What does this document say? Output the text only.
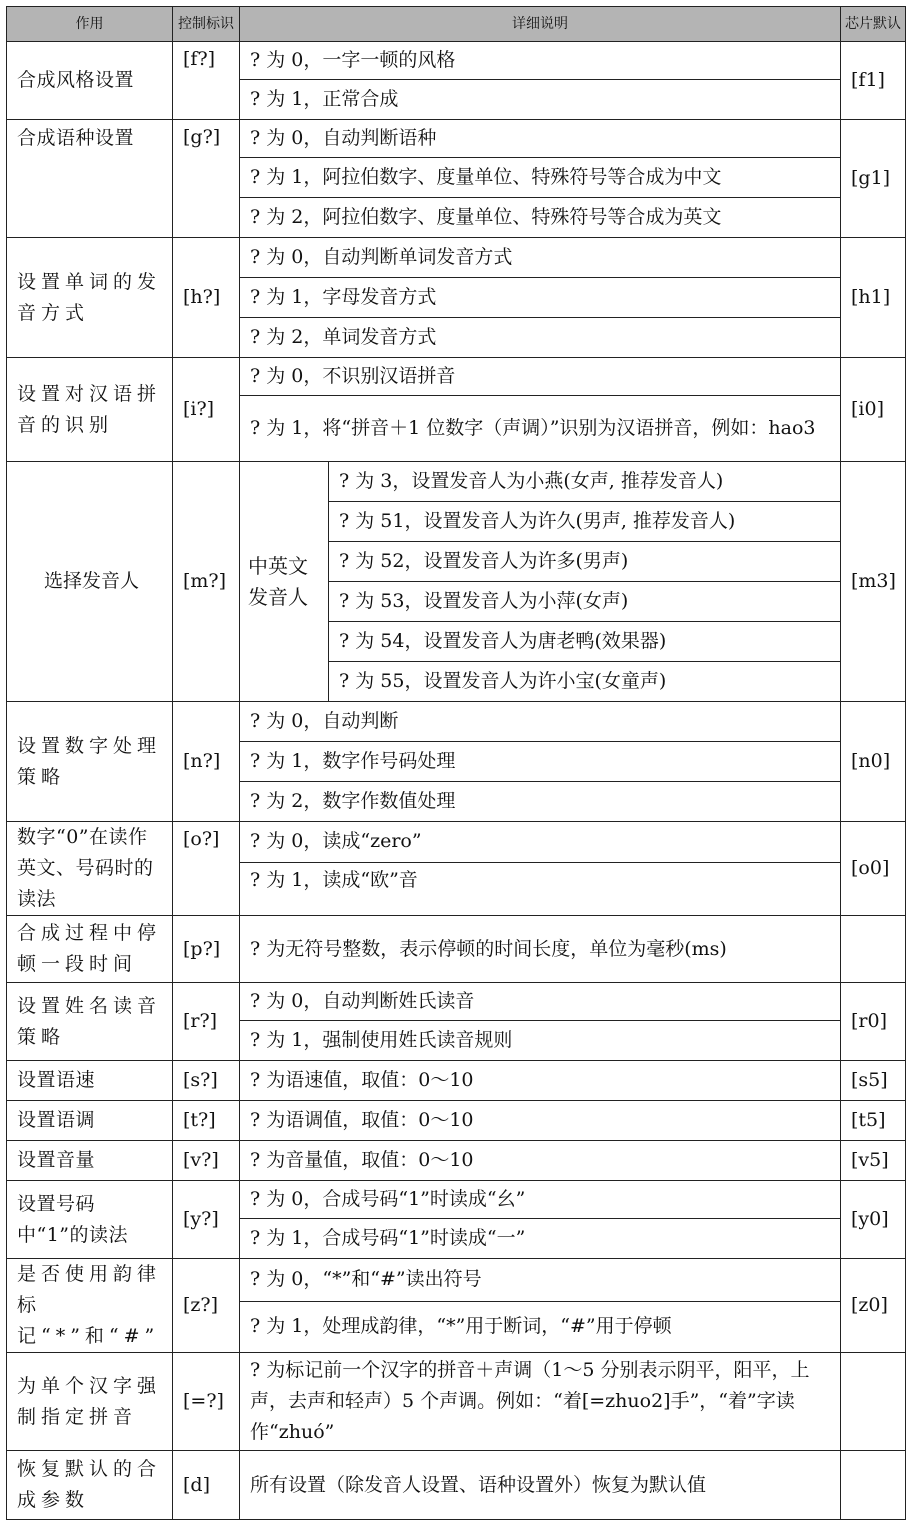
作用	控制标识	详细说明		芯片默认
合成风格设置	[f?]	? 为 0，一字一顿的风格		[f1]
		? 为 1，正常合成		
合成语种设置	[g?]	? 为 0，自动判断语种		[g1]
		? 为 1，阿拉伯数字、度量单位、特殊符号等合成为中文		
		? 为 2，阿拉伯数字、度量单位、特殊符号等合成为英文		
设置单词的发音方式	[h?]	? 为 0，自动判断单词发音方式		[h1]
		? 为 1，字母发音方式		
		? 为 2，单词发音方式		
设置对汉语拼音的识别	[i?]	? 为 0，不识别汉语拼音		[i0]
		? 为 1，将“拼音＋1 位数字（声调）”识别为汉语拼音，例如：hao3		
选择发音人	[m?]	中英文发音人	? 为 3，设置发音人为小燕(女声, 推荐发音人)	[m3]
			? 为 51，设置发音人为许久(男声, 推荐发音人)	
			? 为 52，设置发音人为许多(男声)	
			? 为 53，设置发音人为小萍(女声)	
			? 为 54，设置发音人为唐老鸭(效果器)	
			? 为 55，设置发音人为许小宝(女童声)	
设置数字处理策略	[n?]	? 为 0，自动判断		[n0]
		? 为 1，数字作号码处理		
		? 为 2，数字作数值处理		
数字“0”在读作英文、号码时的读法	[o?]	? 为 0，读成“zero”		[o0]
		? 为 1，读成“欧”音		
合成过程中停顿一段时间	[p?]	? 为无符号整数，表示停顿的时间长度，单位为毫秒(ms)		
设置姓名读音策略	[r?]	? 为 0，自动判断姓氏读音		[r0]
		? 为 1，强制使用姓氏读音规则		
设置语速	[s?]	? 为语速值，取值：0～10		[s5]
设置语调	[t?]	? 为语调值，取值：0～10		[t5]
设置音量	[v?]	? 为音量值，取值：0～10		[v5]
设置号码中“1”的读法	[y?]	? 为 0，合成号码“1”时读成“幺”		[y0]
		? 为 1，合成号码“1”时读成“一”		
是否使用韵律标记“*”和“#”	[z?]	? 为 0，“*”和“#”读出符号		[z0]
		? 为 1，处理成韵律，“*”用于断词，“#”用于停顿		
为单个汉字强制指定拼音	[=?]	? 为标记前一个汉字的拼音＋声调（1～5 分别表示阴平，阳平，上声，去声和轻声）5 个声调。例如：“着[=zhuo2]手”，“着”字读作“zhuó”		
恢复默认的合成参数	[d]	所有设置（除发音人设置、语种设置外）恢复为默认值		
